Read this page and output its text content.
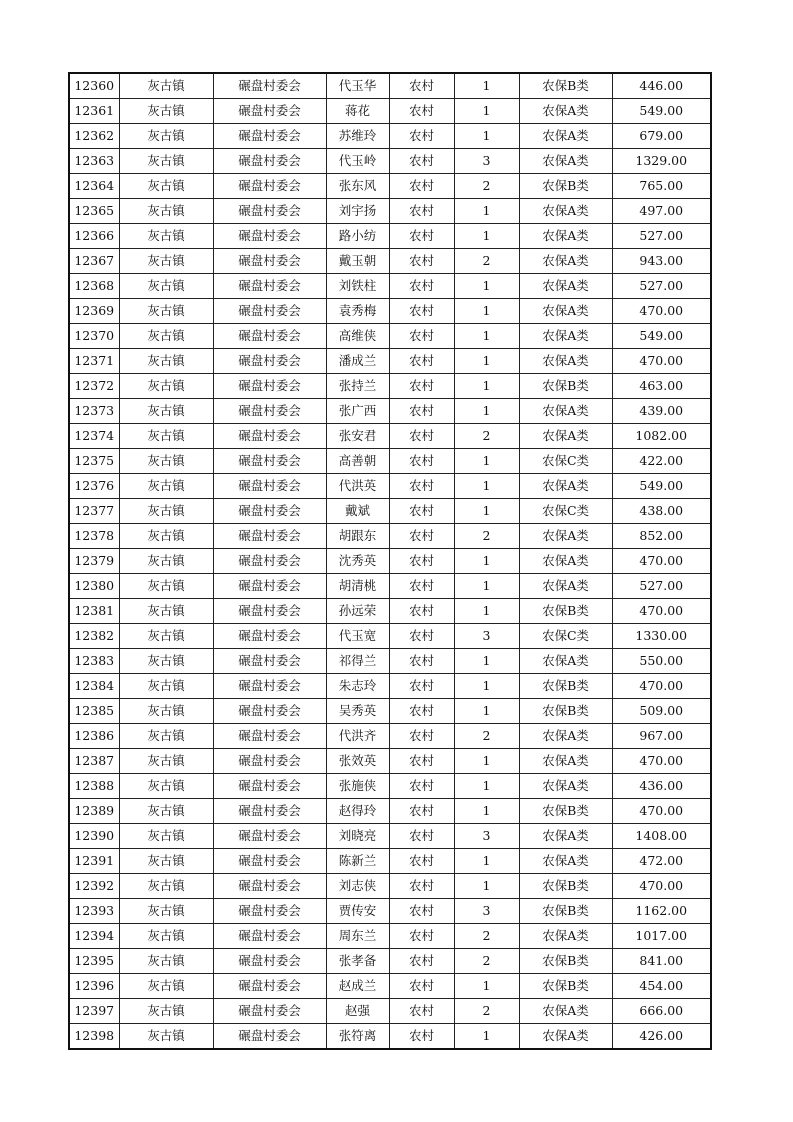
12360	灰古镇	碾盘村委会	代玉华	农村	1	农保B类	446.00
12361	灰古镇	碾盘村委会	蒋花	农村	1	农保A类	549.00
12362	灰古镇	碾盘村委会	苏维玲	农村	1	农保A类	679.00
12363	灰古镇	碾盘村委会	代玉岭	农村	3	农保A类	1329.00
12364	灰古镇	碾盘村委会	张东风	农村	2	农保B类	765.00
12365	灰古镇	碾盘村委会	刘宇扬	农村	1	农保A类	497.00
12366	灰古镇	碾盘村委会	路小纺	农村	1	农保A类	527.00
12367	灰古镇	碾盘村委会	戴玉朝	农村	2	农保A类	943.00
12368	灰古镇	碾盘村委会	刘铁柱	农村	1	农保A类	527.00
12369	灰古镇	碾盘村委会	袁秀梅	农村	1	农保A类	470.00
12370	灰古镇	碾盘村委会	高维侠	农村	1	农保A类	549.00
12371	灰古镇	碾盘村委会	潘成兰	农村	1	农保A类	470.00
12372	灰古镇	碾盘村委会	张持兰	农村	1	农保B类	463.00
12373	灰古镇	碾盘村委会	张广西	农村	1	农保A类	439.00
12374	灰古镇	碾盘村委会	张安君	农村	2	农保A类	1082.00
12375	灰古镇	碾盘村委会	高善朝	农村	1	农保C类	422.00
12376	灰古镇	碾盘村委会	代洪英	农村	1	农保A类	549.00
12377	灰古镇	碾盘村委会	戴斌	农村	1	农保C类	438.00
12378	灰古镇	碾盘村委会	胡跟东	农村	2	农保A类	852.00
12379	灰古镇	碾盘村委会	沈秀英	农村	1	农保A类	470.00
12380	灰古镇	碾盘村委会	胡清桃	农村	1	农保A类	527.00
12381	灰古镇	碾盘村委会	孙远荣	农村	1	农保B类	470.00
12382	灰古镇	碾盘村委会	代玉宽	农村	3	农保C类	1330.00
12383	灰古镇	碾盘村委会	祁得兰	农村	1	农保A类	550.00
12384	灰古镇	碾盘村委会	朱志玲	农村	1	农保B类	470.00
12385	灰古镇	碾盘村委会	吴秀英	农村	1	农保B类	509.00
12386	灰古镇	碾盘村委会	代洪齐	农村	2	农保A类	967.00
12387	灰古镇	碾盘村委会	张效英	农村	1	农保A类	470.00
12388	灰古镇	碾盘村委会	张施侠	农村	1	农保A类	436.00
12389	灰古镇	碾盘村委会	赵得玲	农村	1	农保B类	470.00
12390	灰古镇	碾盘村委会	刘晓亮	农村	3	农保A类	1408.00
12391	灰古镇	碾盘村委会	陈新兰	农村	1	农保A类	472.00
12392	灰古镇	碾盘村委会	刘志侠	农村	1	农保B类	470.00
12393	灰古镇	碾盘村委会	贾传安	农村	3	农保B类	1162.00
12394	灰古镇	碾盘村委会	周东兰	农村	2	农保A类	1017.00
12395	灰古镇	碾盘村委会	张孝备	农村	2	农保B类	841.00
12396	灰古镇	碾盘村委会	赵成兰	农村	1	农保B类	454.00
12397	灰古镇	碾盘村委会	赵强	农村	2	农保A类	666.00
12398	灰古镇	碾盘村委会	张符离	农村	1	农保A类	426.00
